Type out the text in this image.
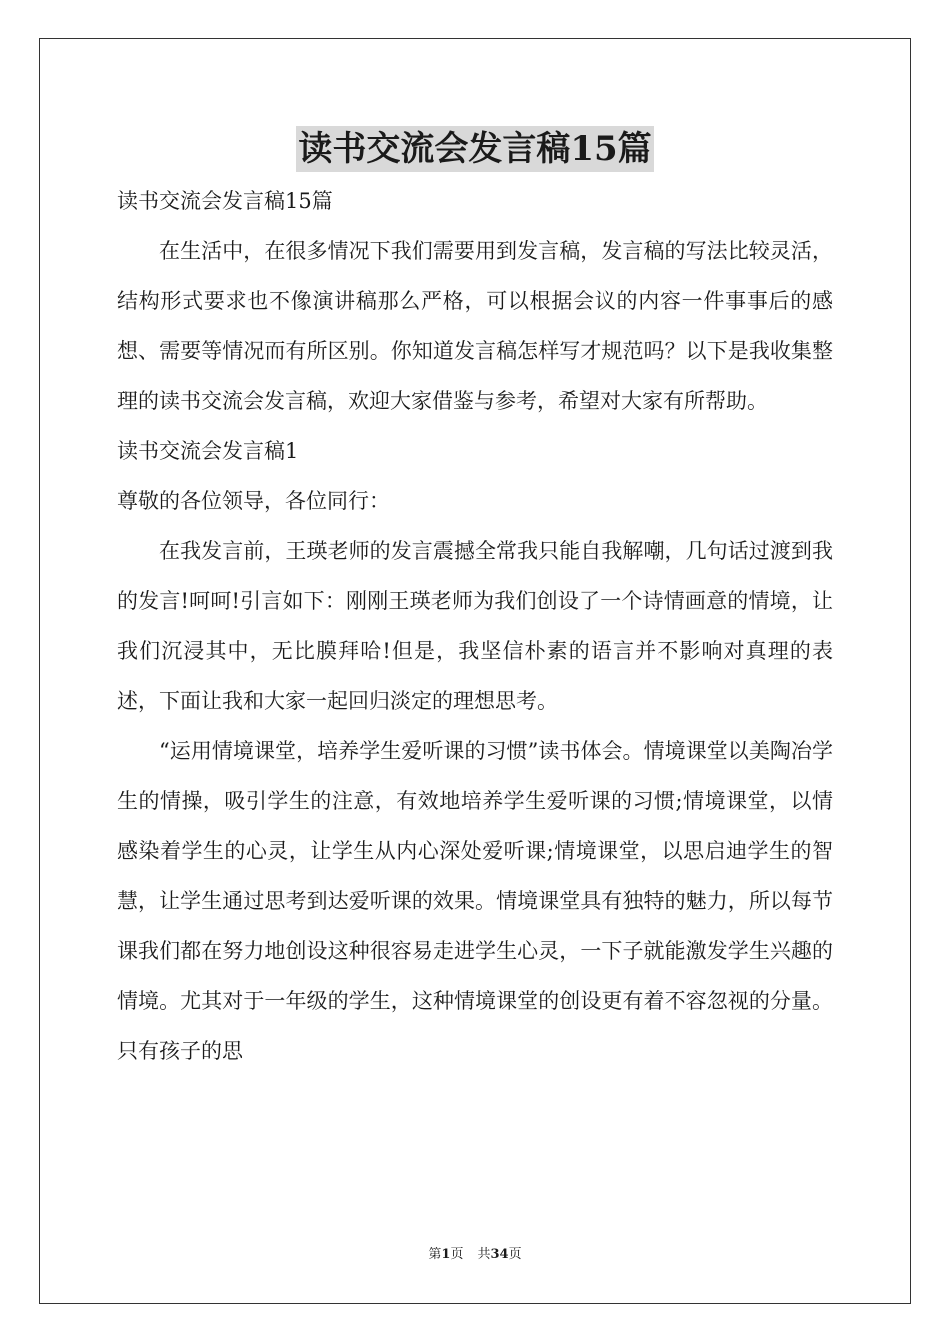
读书交流会发言稿15篇

读书交流会发言稿15篇

在生活中，在很多情况下我们需要用到发言稿，发言稿的写法比较灵活，结构形式要求也不像演讲稿那么严格，可以根据会议的内容一件事事后的感想、需要等情况而有所区别。你知道发言稿怎样写才规范吗？以下是我收集整理的读书交流会发言稿，欢迎大家借鉴与参考，希望对大家有所帮助。

读书交流会发言稿1

尊敬的各位领导，各位同行：

在我发言前，王瑛老师的发言震撼全常我只能自我解嘲，几句话过渡到我的发言!呵呵!引言如下：刚刚王瑛老师为我们创设了一个诗情画意的情境，让我们沉浸其中，无比膜拜哈!但是，我坚信朴素的语言并不影响对真理的表述，下面让我和大家一起回归淡定的理想思考。

“运用情境课堂，培养学生爱听课的习惯”读书体会。情境课堂以美陶冶学生的情操，吸引学生的注意，有效地培养学生爱听课的习惯;情境课堂，以情感染着学生的心灵，让学生从内心深处爱听课;情境课堂，以思启迪学生的智慧，让学生通过思考到达爱听课的效果。情境课堂具有独特的魅力，所以每节课我们都在努力地创设这种很容易走进学生心灵，一下子就能激发学生兴趣的情境。尤其对于一年级的学生，这种情境课堂的创设更有着不容忽视的分量。只有孩子的思

第1页 共34页
